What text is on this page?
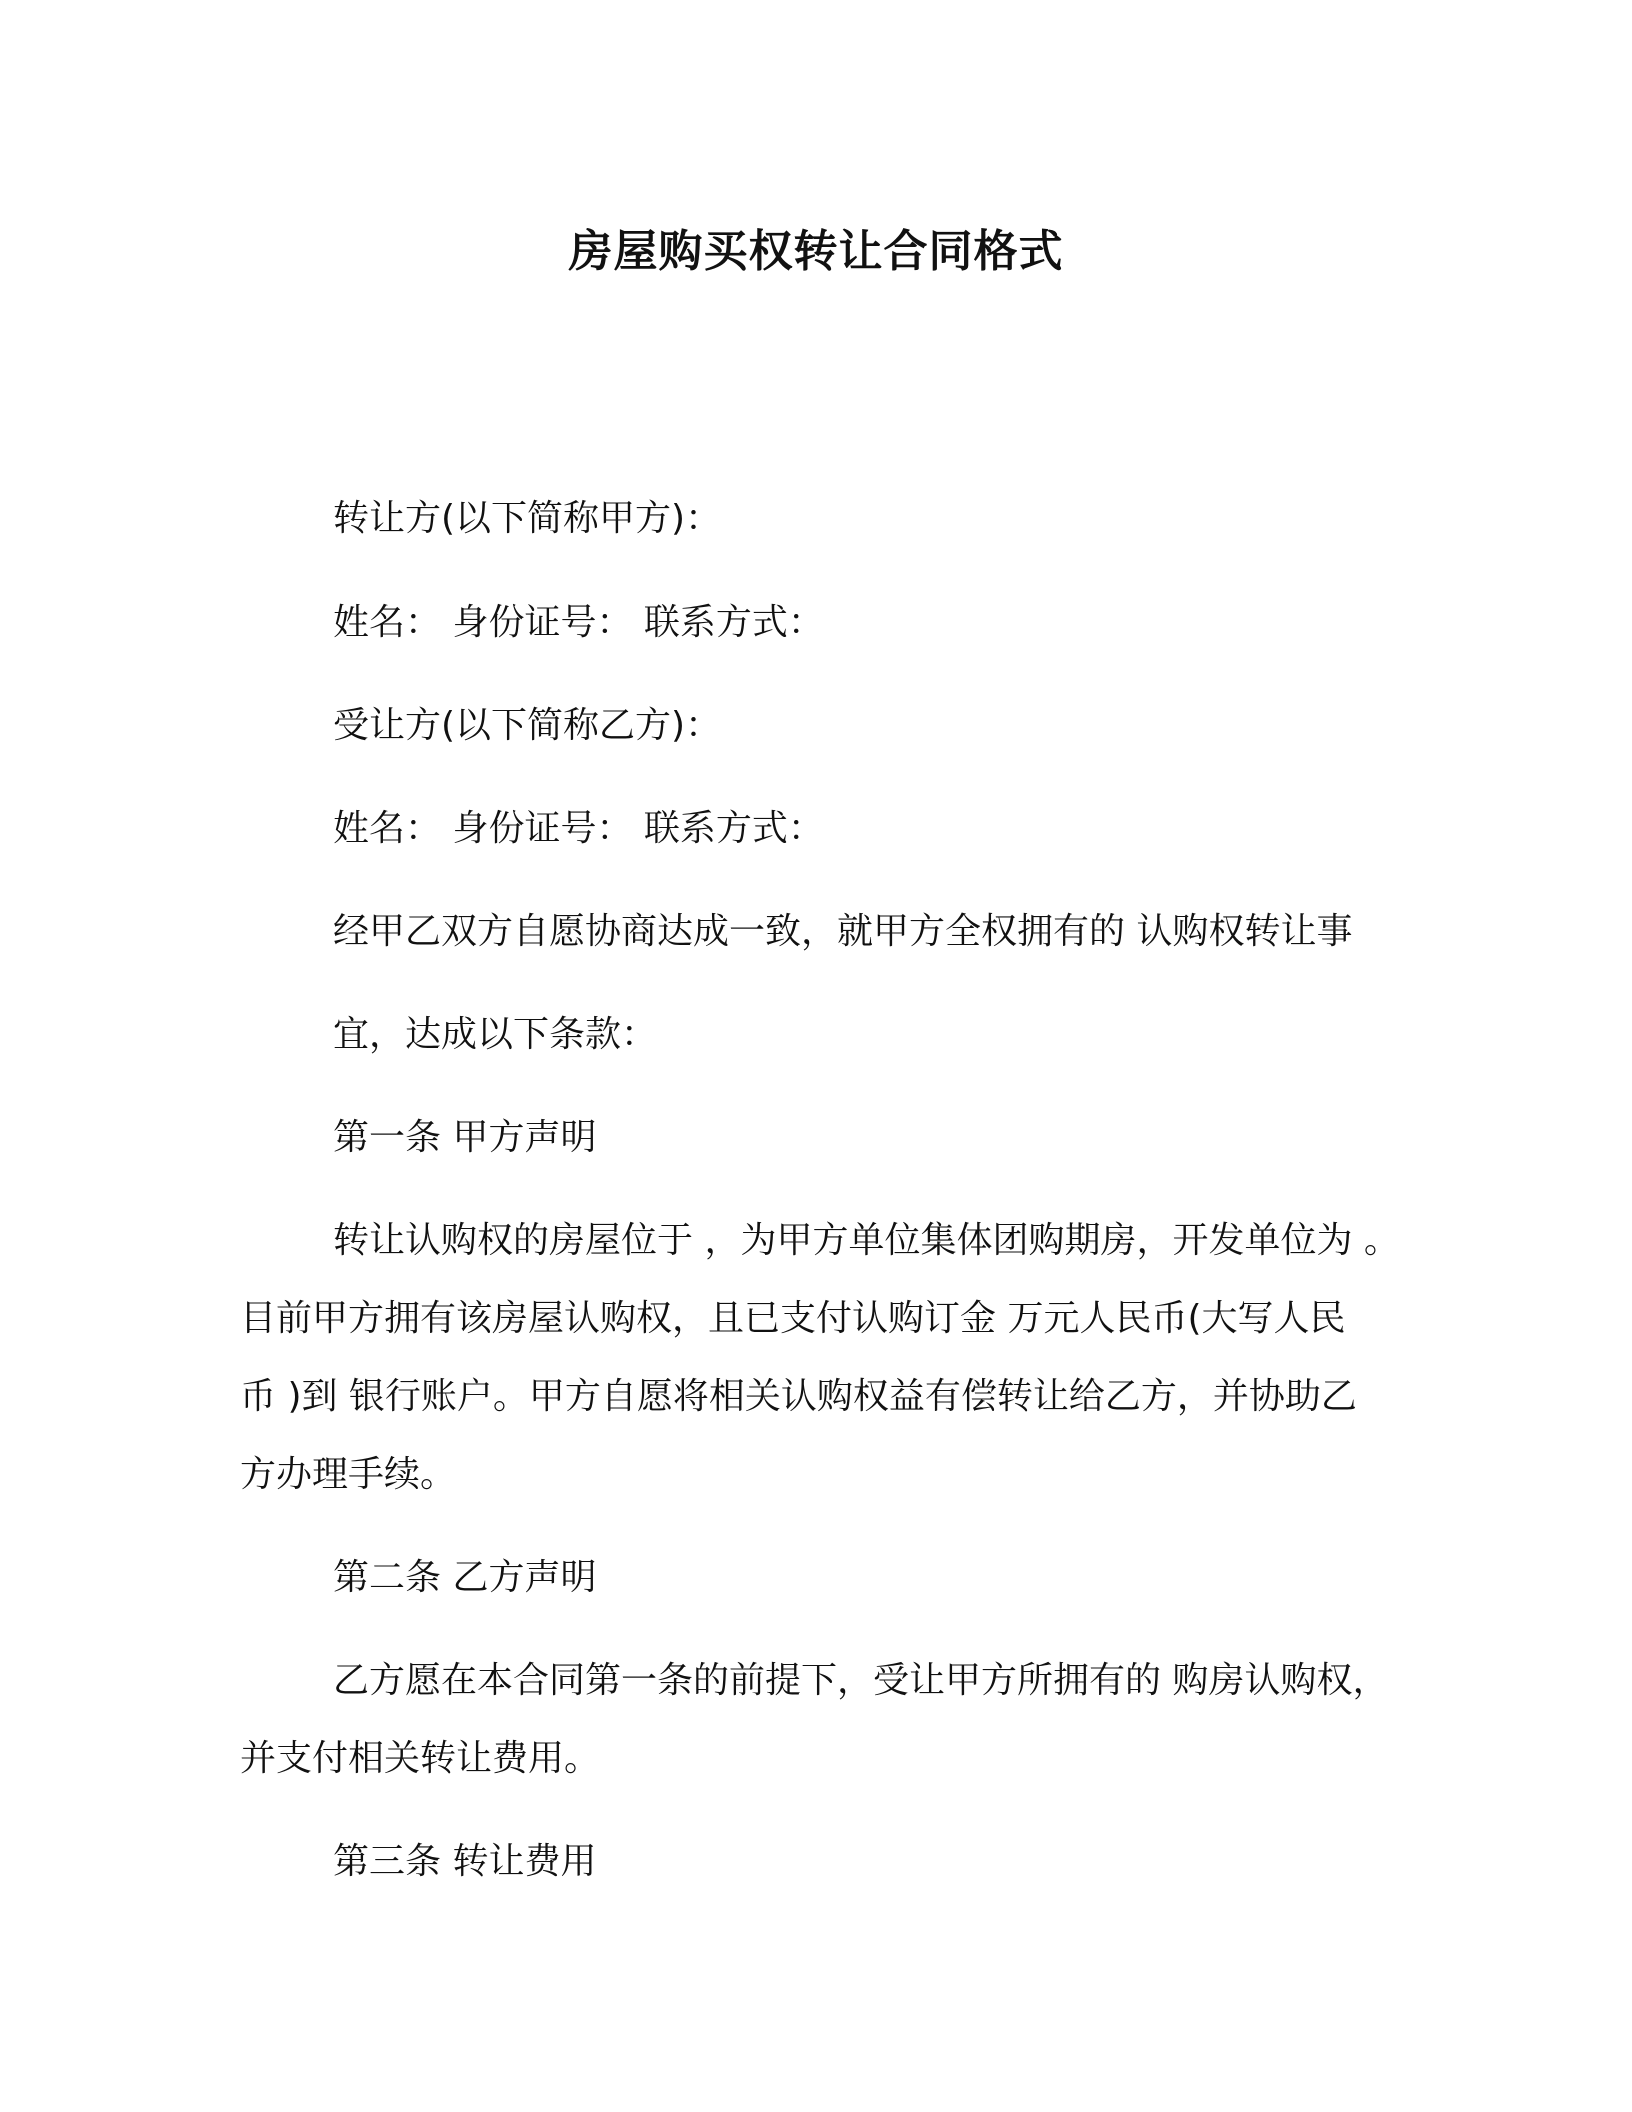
房屋购买权转让合同格式

转让方(以下简称甲方)：

姓名： 身份证号： 联系方式：

受让方(以下简称乙方)：

姓名： 身份证号： 联系方式：

经甲乙双方自愿协商达成一致，就甲方全权拥有的 认购权转让事

宜，达成以下条款：

第一条 甲方声明

转让认购权的房屋位于 ，为甲方单位集体团购期房，开发单位为 。

目前甲方拥有该房屋认购权，且已支付认购订金 万元人民币(大写人民

币 )到 银行账户。甲方自愿将相关认购权益有偿转让给乙方，并协助乙

方办理手续。

第二条 乙方声明

乙方愿在本合同第一条的前提下，受让甲方所拥有的 购房认购权，

并支付相关转让费用。

第三条 转让费用
